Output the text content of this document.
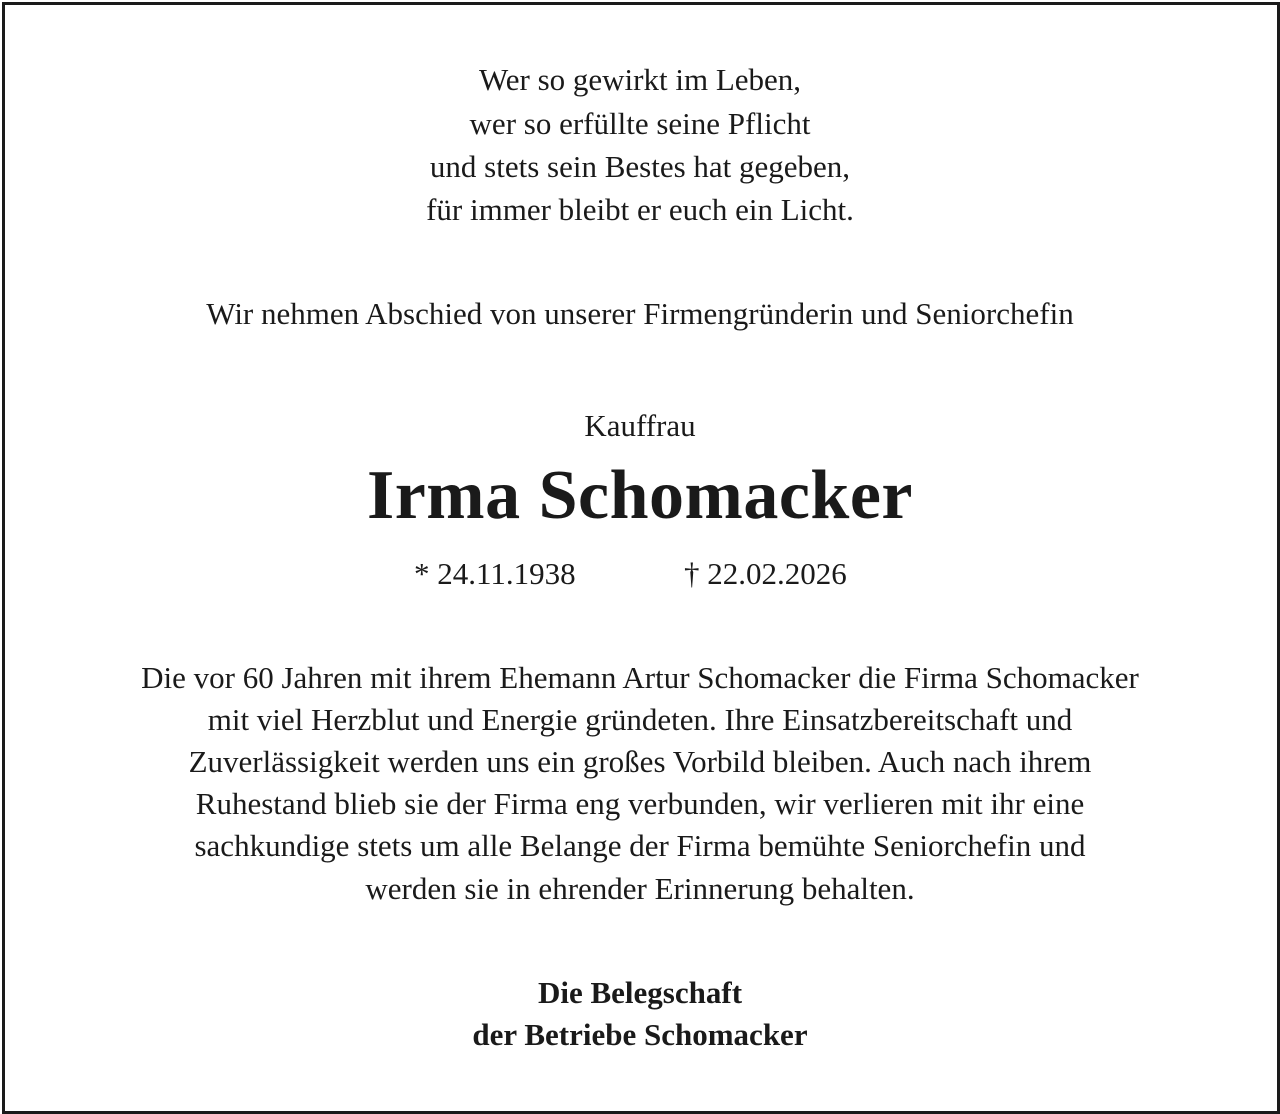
Wer so gewirkt im Leben,
wer so erfüllte seine Pflicht
und stets sein Bestes hat gegeben,
für immer bleibt er euch ein Licht.
Wir nehmen Abschied von unserer Firmengründerin und Seniorchefin
Kauffrau
Irma Schomacker
* 24.11.1938	† 22.02.2026
Die vor 60 Jahren mit ihrem Ehemann Artur Schomacker die Firma Schomacker
mit viel Herzblut und Energie gründeten. Ihre Einsatzbereitschaft und
Zuverlässigkeit werden uns ein großes Vorbild bleiben. Auch nach ihrem
Ruhestand blieb sie der Firma eng verbunden, wir verlieren mit ihr eine
sachkundige stets um alle Belange der Firma bemühte Seniorchefin und
werden sie in ehrender Erinnerung behalten.
Die Belegschaft
der Betriebe Schomacker
